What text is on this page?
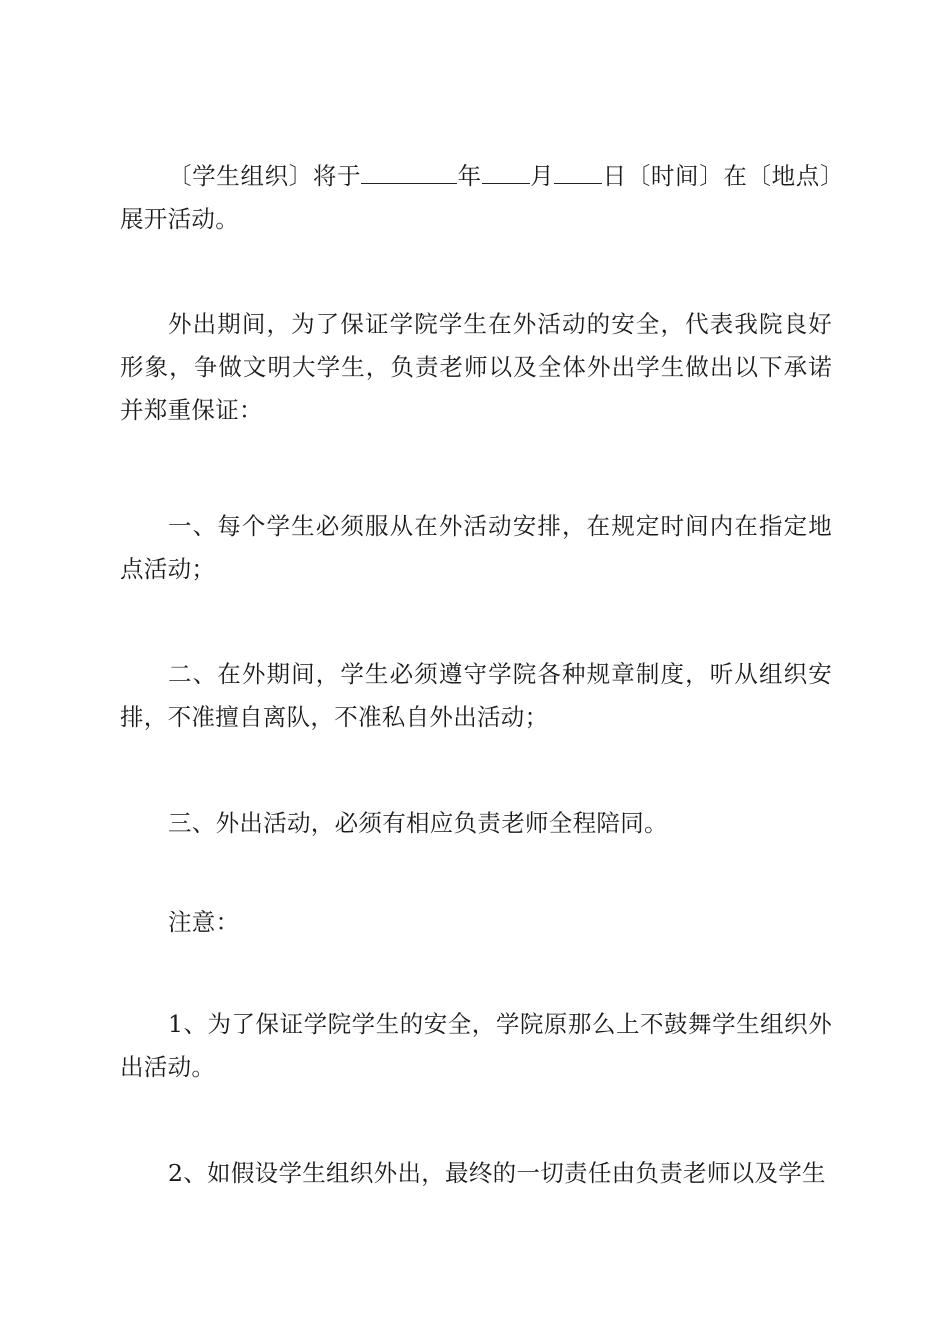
〔学生组织〕将于	年 月 日〔时间〕在〔地点〕展开活动。

外出期间，为了保证学院学生在外活动的安全，代表我院良好形象，争做文明大学生，负责老师以及全体外出学生做出以下承诺并郑重保证：

一、每个学生必须服从在外活动安排，在规定时间内在指定地点活动；

二、在外期间，学生必须遵守学院各种规章制度，听从组织安排，不准擅自离队，不准私自外出活动；

三、外出活动，必须有相应负责老师全程陪同。

注意：

1、为了保证学院学生的安全，学院原那么上不鼓舞学生组织外出活动。

2、如假设学生组织外出，最终的一切责任由负责老师以及学生
